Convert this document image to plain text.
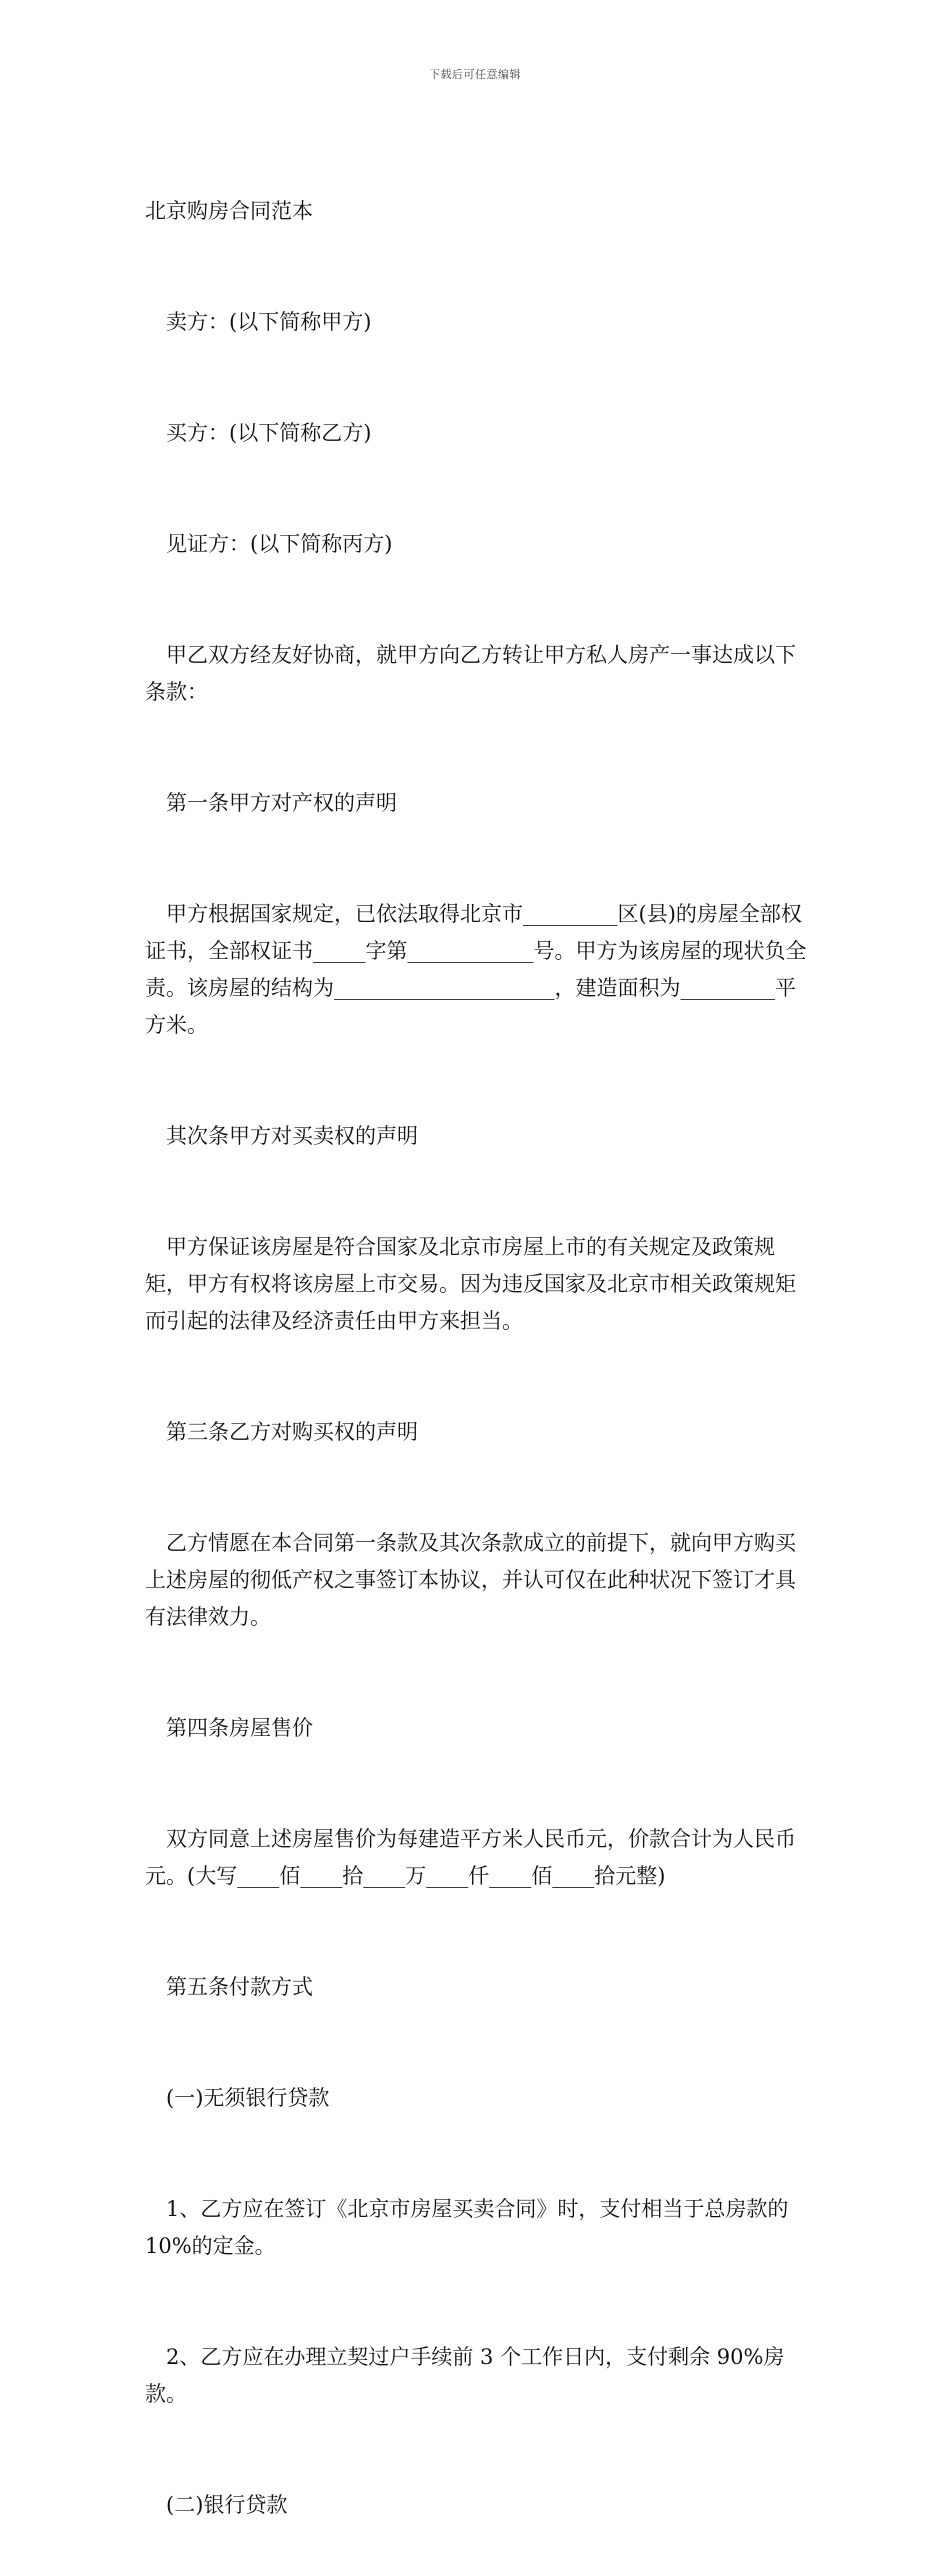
下载后可任意编辑

北京购房合同范本

卖方：(以下简称甲方)

买方：(以下简称乙方)

见证方：(以下简称丙方)

甲乙双方经友好协商，就甲方向乙方转让甲方私人房产一事达成以下条款：

第一条甲方对产权的声明

甲方根据国家规定，已依法取得北京市_________区(县)的房屋全部权证书，全部权证书_____字第____________号。甲方为该房屋的现状负全责。该房屋的结构为_____________________，建造面积为_________平方米。

其次条甲方对买卖权的声明

甲方保证该房屋是符合国家及北京市房屋上市的有关规定及政策规矩，甲方有权将该房屋上市交易。因为违反国家及北京市相关政策规矩而引起的法律及经济责任由甲方来担当。

第三条乙方对购买权的声明

乙方情愿在本合同第一条款及其次条款成立的前提下，就向甲方购买上述房屋的彻低产权之事签订本协议，并认可仅在此种状况下签订才具有法律效力。

第四条房屋售价

双方同意上述房屋售价为每建造平方米人民币元，价款合计为人民币元。(大写____佰____拾____万____仟____佰____拾元整)

第五条付款方式

(一)无须银行贷款

1、乙方应在签订《北京市房屋买卖合同》时，支付相当于总房款的 10%的定金。

2、乙方应在办理立契过户手续前 3 个工作日内，支付剩余 90%房款。

(二)银行贷款
